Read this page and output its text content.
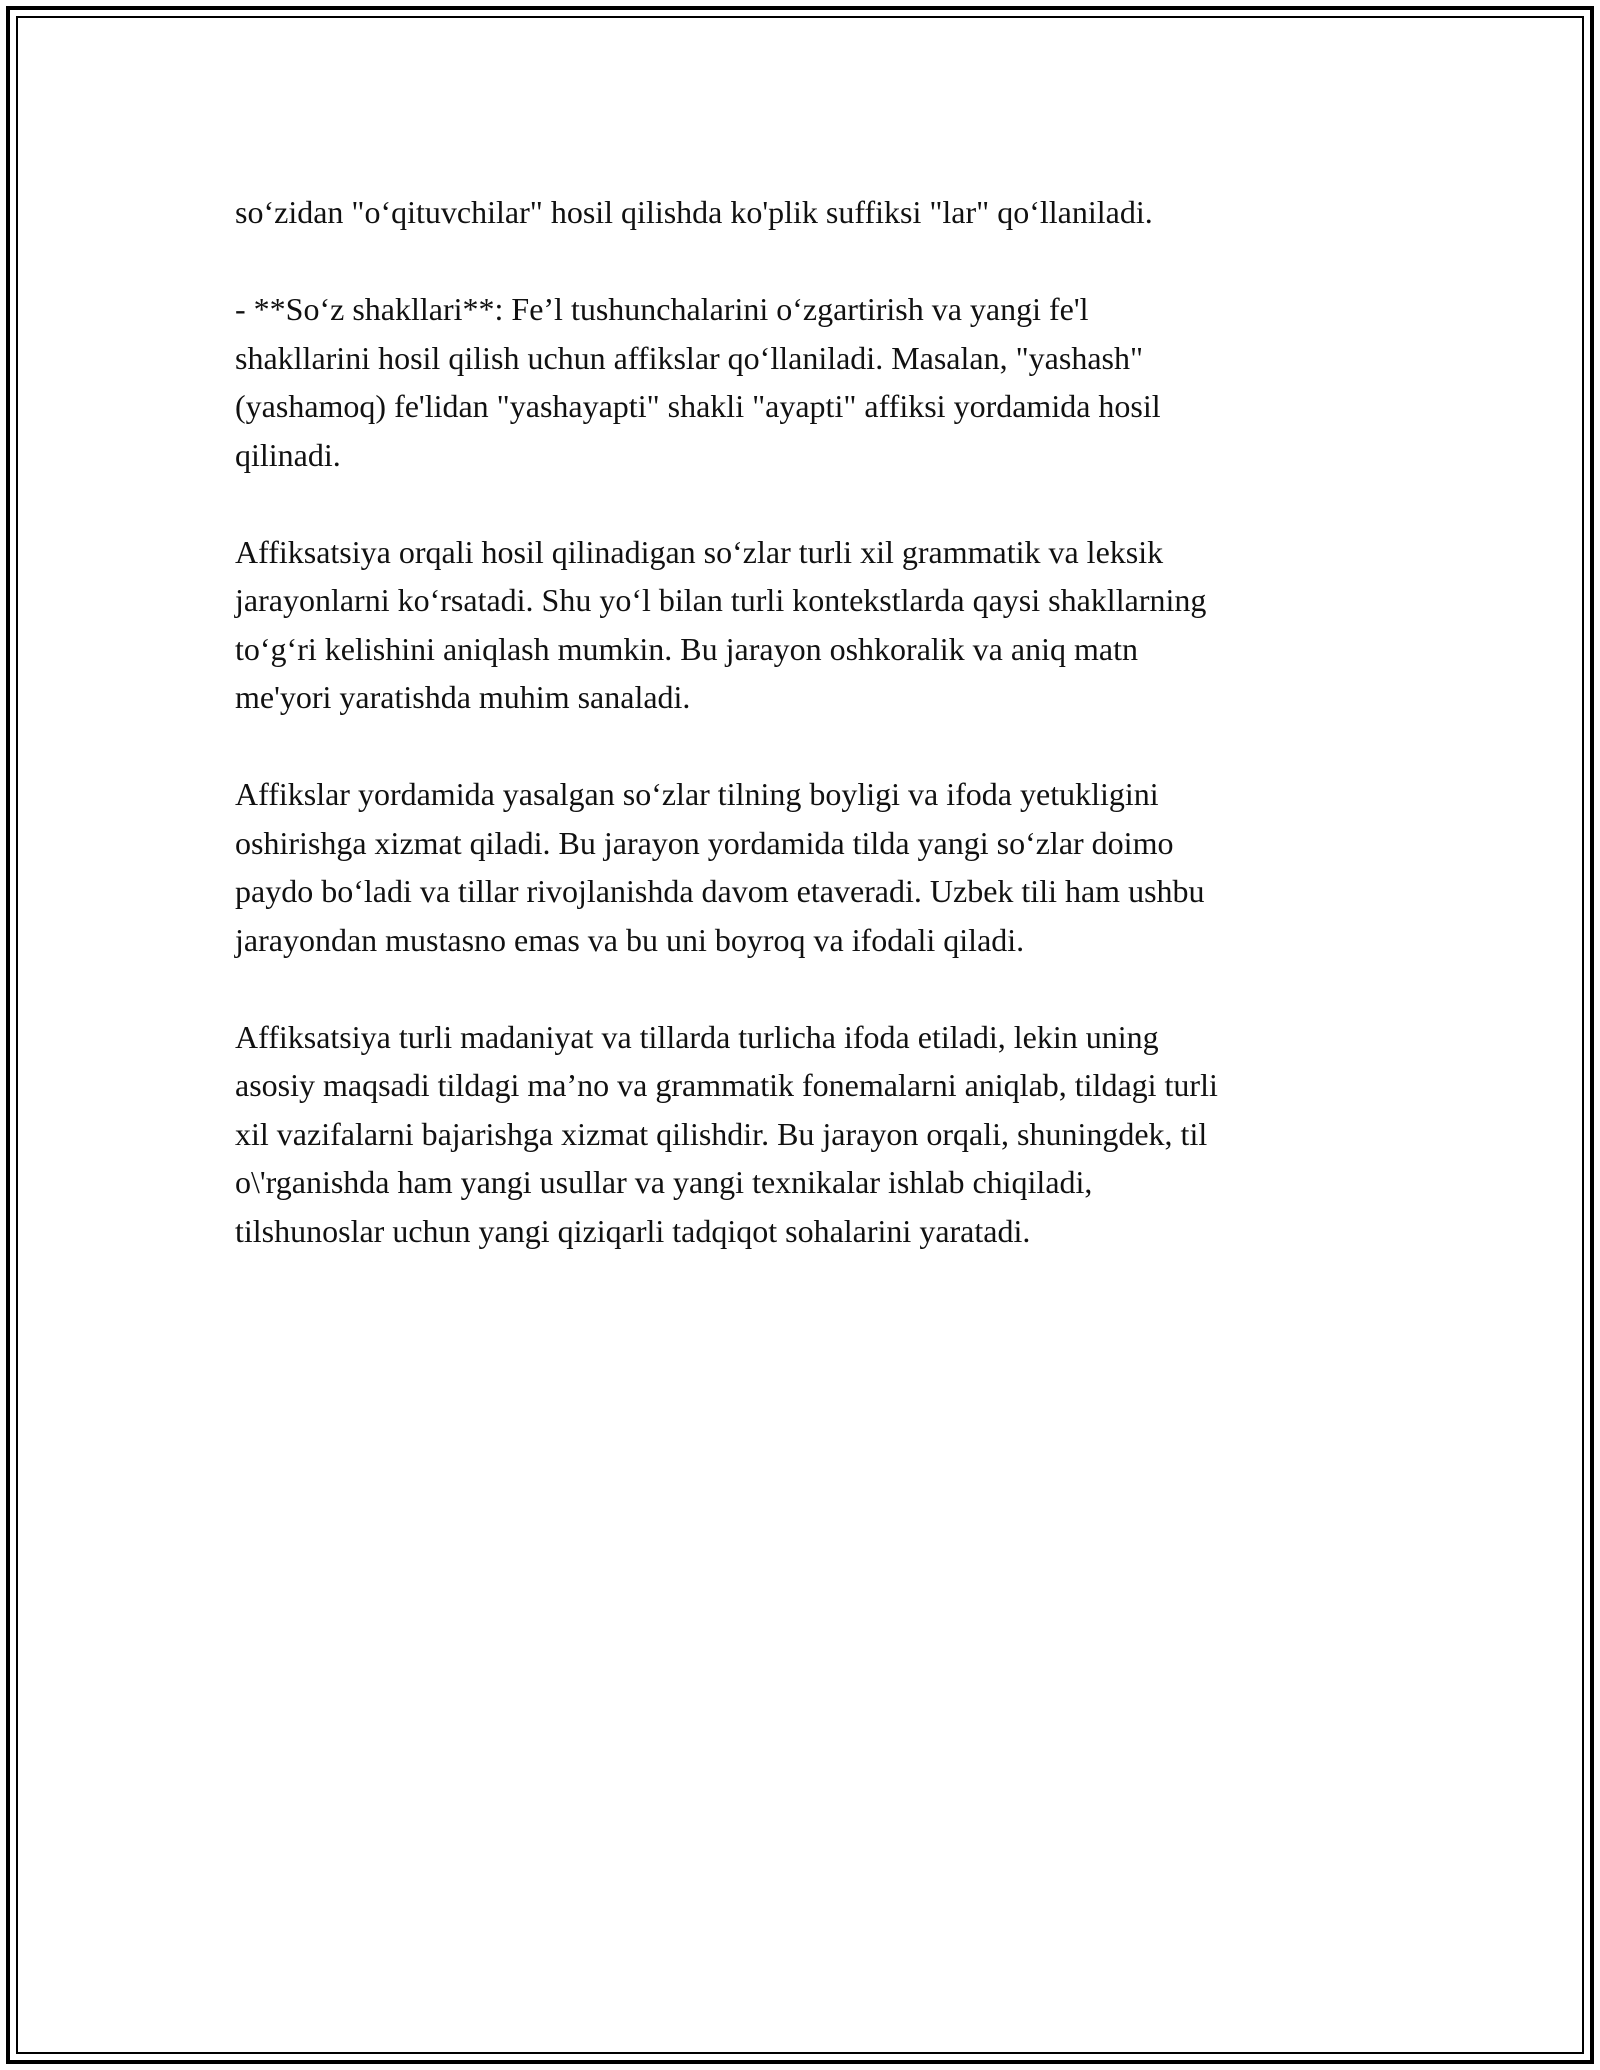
so‘zidan "o‘qituvchilar" hosil qilishda ko'plik suffiksi "lar" qo‘llaniladi.

- **So‘z shakllari**: Fe’l tushunchalarini o‘zgartirish va yangi fe'l
shakllarini hosil qilish uchun affikslar qo‘llaniladi. Masalan, "yashash"
(yashamoq) fe'lidan "yashayapti" shakli "ayapti" affiksi yordamida hosil
qilinadi.

Affiksatsiya orqali hosil qilinadigan so‘zlar turli xil grammatik va leksik
jarayonlarni ko‘rsatadi. Shu yo‘l bilan turli kontekstlarda qaysi shakllarning
to‘g‘ri kelishini aniqlash mumkin. Bu jarayon oshkoralik va aniq matn
me'yori yaratishda muhim sanaladi.

Affikslar yordamida yasalgan so‘zlar tilning boyligi va ifoda yetukligini
oshirishga xizmat qiladi. Bu jarayon yordamida tilda yangi so‘zlar doimo
paydo bo‘ladi va tillar rivojlanishda davom etaveradi. Uzbek tili ham ushbu
jarayondan mustasno emas va bu uni boyroq va ifodali qiladi.

Affiksatsiya turli madaniyat va tillarda turlicha ifoda etiladi, lekin uning
asosiy maqsadi tildagi ma’no va grammatik fonemalarni aniqlab, tildagi turli
xil vazifalarni bajarishga xizmat qilishdir. Bu jarayon orqali, shuningdek, til
o\'rganishda ham yangi usullar va yangi texnikalar ishlab chiqiladi,
tilshunoslar uchun yangi qiziqarli tadqiqot sohalarini yaratadi.
